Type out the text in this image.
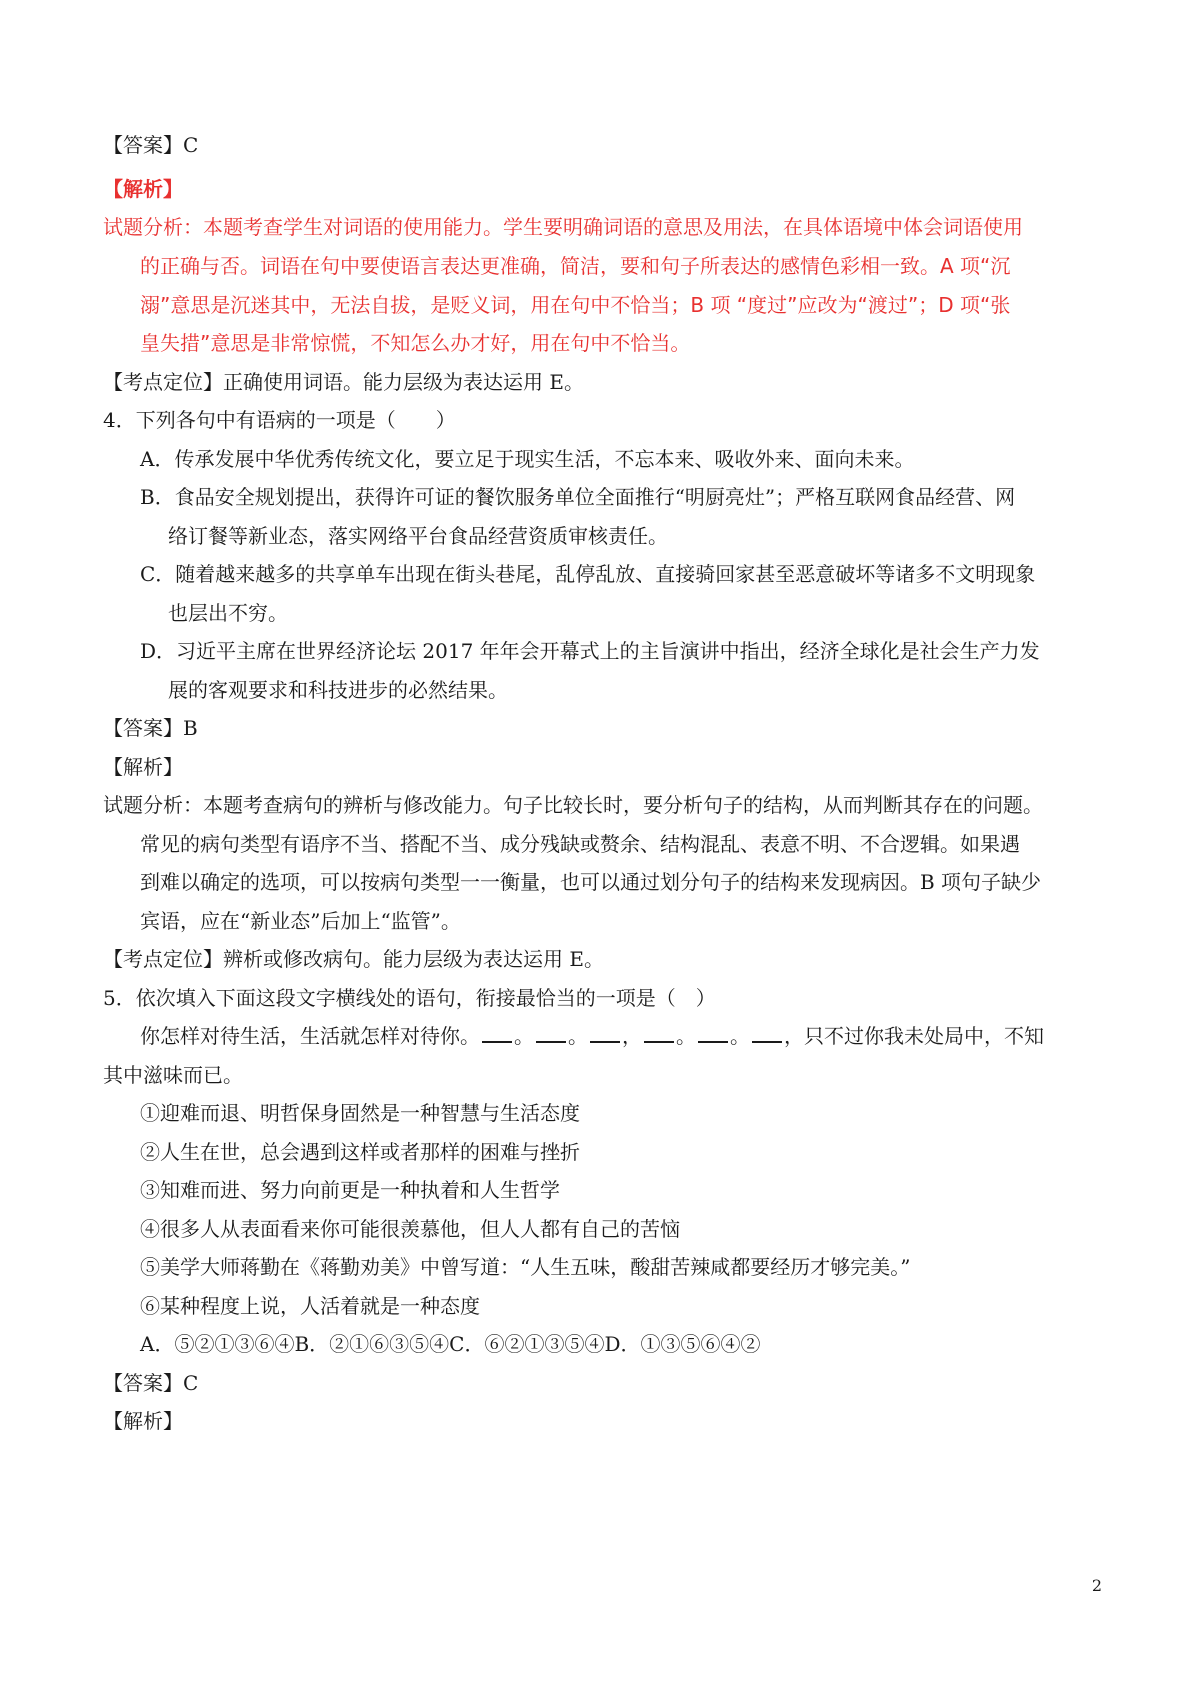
【答案】C
【解析】
试题分析：本题考查学生对词语的使用能力。学生要明确词语的意思及用法，在具体语境中体会词语使用
的正确与否。词语在句中要使语言表达更准确，简洁，要和句子所表达的感情色彩相一致。A 项“沉
溺”意思是沉迷其中，无法自拔，是贬义词，用在句中不恰当；B 项 “度过”应改为“渡过”；D 项“张
皇失措”意思是非常惊慌，不知怎么办才好，用在句中不恰当。
【考点定位】正确使用词语。能力层级为表达运用 E。
4．下列各句中有语病的一项是（　　）
A．传承发展中华优秀传统文化，要立足于现实生活，不忘本来、吸收外来、面向未来。
B．食品安全规划提出，获得许可证的餐饮服务单位全面推行“明厨亮灶”；严格互联网食品经营、网
络订餐等新业态，落实网络平台食品经营资质审核责任。
C．随着越来越多的共享单车出现在街头巷尾，乱停乱放、直接骑回家甚至恶意破坏等诸多不文明现象
也层出不穷。
D．习近平主席在世界经济论坛 2017 年年会开幕式上的主旨演讲中指出，经济全球化是社会生产力发
展的客观要求和科技进步的必然结果。
【答案】B
【解析】
试题分析：本题考查病句的辨析与修改能力。句子比较长时，要分析句子的结构，从而判断其存在的问题。
常见的病句类型有语序不当、搭配不当、成分残缺或赘余、结构混乱、表意不明、不合逻辑。如果遇
到难以确定的选项，可以按病句类型一一衡量，也可以通过划分句子的结构来发现病因。B 项句子缺少
宾语，应在“新业态”后加上“监管”。
【考点定位】辨析或修改病句。能力层级为表达运用 E。
5．依次填入下面这段文字横线处的语句，衔接最恰当的一项是（　）
你怎样对待生活，生活就怎样对待你。 。 。 ， 。 。 ，只不过你我未处局中，不知
其中滋味而已。
①迎难而退、明哲保身固然是一种智慧与生活态度
②人生在世，总会遇到这样或者那样的困难与挫折
③知难而进、努力向前更是一种执着和人生哲学
④很多人从表面看来你可能很羡慕他，但人人都有自己的苦恼
⑤美学大师蒋勤在《蒋勤劝美》中曾写道：“人生五味，酸甜苦辣咸都要经历才够完美。”
⑥某种程度上说，人活着就是一种态度
A．⑤②①③⑥④B．②①⑥③⑤④C．⑥②①③⑤④D．①③⑤⑥④②
【答案】C
【解析】
2
